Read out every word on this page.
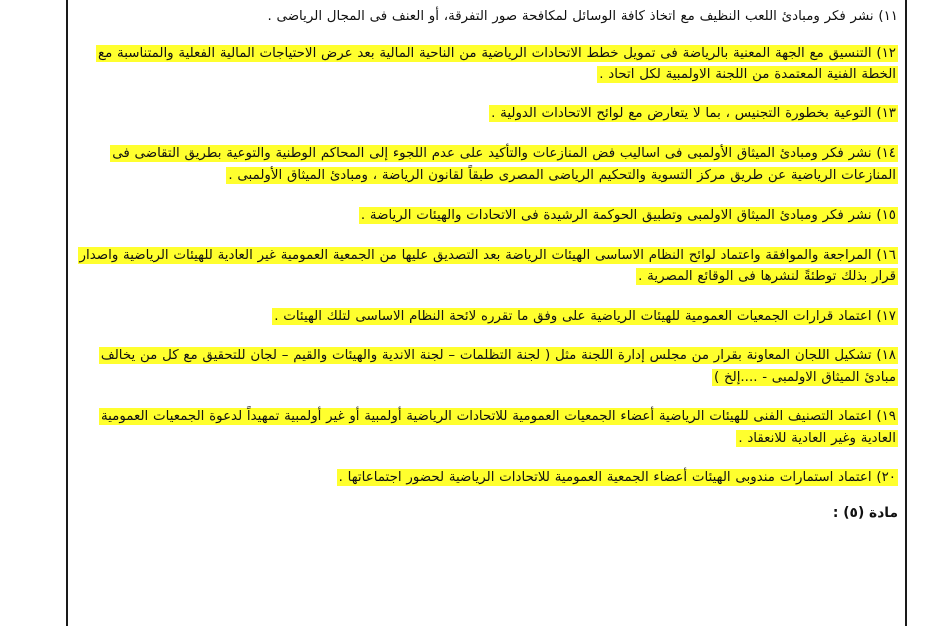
١١) نشر فكر ومبادئ اللعب النظيف مع اتخاذ كافة الوسائل لمكافحة صور التفرقة، أو العنف فى المجال الرياضى .

١٢) التنسيق مع الجهة المعنية بالرياضة فى تمويل خطط الاتحادات الرياضية من الناحية المالية بعد عرض الاحتياجات المالية الفعلية والمتناسبة مع الخطة الفنية المعتمدة من اللجنة الاولمبية لكل اتحاد .

١٣) التوعية بخطورة التجنيس ، بما لا يتعارض مع لوائح الاتحادات الدولية .

١٤) نشر فكر ومبادئ الميثاق الأولمبى فى اساليب فض المنازعات والتأكيد على عدم اللجوء إلى المحاكم الوطنية والتوعية بطريق التقاضى فى المنازعات الرياضية عن طريق مركز التسوية والتحكيم الرياضى المصرى طبقاً لقانون الرياضة ، ومبادئ الميثاق الأولمبى .

١٥) نشر فكر ومبادئ الميثاق الاولمبى وتطبيق الحوكمة الرشيدة فى الاتحادات والهيئات الرياضة .

١٦) المراجعة والموافقة واعتماد لوائح النظام الاساسى الهيئات الرياضة بعد التصديق عليها من الجمعية العمومية غير العادية للهيئات الرياضية واصدار قرار بذلك توطئةً لنشرها فى الوقائع المصرية .

١٧) اعتماد قرارات الجمعيات العمومية للهيئات الرياضية على وفق ما تقرره لائحة النظام الاساسى لتلك الهيئات .

١٨) تشكيل اللجان المعاونة بقرار من مجلس إدارة اللجنة مثل ( لجنة التظلمات – لجنة الاندية والهيئات والقيم – لجان للتحقيق مع كل من يخالف مبادئ الميثاق الاولمبى - ....إلخ )

١٩) اعتماد التصنيف الفنى للهيئات الرياضية أعضاء الجمعيات العمومية للاتحادات الرياضية أولمبية أو غير أولمبية تمهيداً لدعوة الجمعيات العمومية العادية وغير العادية للانعقاد .

٢٠) اعتماد استمارات مندوبى الهيئات أعضاء الجمعية العمومية للاتحادات الرياضية لحضور اجتماعاتها .

مادة (٥) :
